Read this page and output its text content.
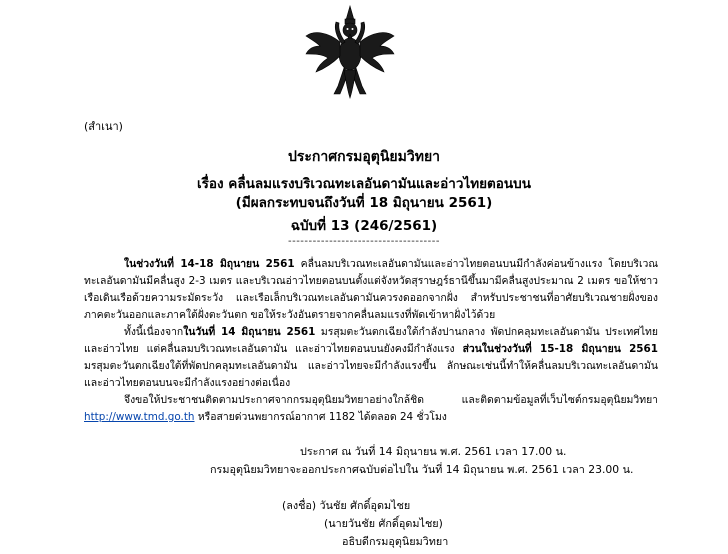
(สำเนา)
ประกาศกรมอุตุนิยมวิทยา
เรื่อง คลื่นลมแรงบริเวณทะเลอันดามันและอ่าวไทยตอนบน
(มีผลกระทบจนถึงวันที่ 18 มิถุนายน 2561)
ฉบับที่ 13 (246/2561)
-------------------------------------

ในช่วงวันที่ 14-18 มิถุนายน 2561 คลื่นลมบริเวณทะเลอันดามันและอ่าวไทยตอนบนมีกำลังค่อนข้างแรง โดยบริเวณทะเลอันดามันมีคลื่นสูง 2-3 เมตร และบริเวณอ่าวไทยตอนบนตั้งแต่จังหวัดสุราษฎร์ธานีขึ้นมามีคลื่นสูงประมาณ 2 เมตร ขอให้ชาวเรือเดินเรือด้วยความระมัดระวัง และเรือเล็กบริเวณทะเลอันดามันควรงดออกจากฝั่ง สำหรับประชาชนที่อาศัยบริเวณชายฝั่งของภาคตะวันออกและภาคใต้ฝั่งตะวันตก ขอให้ระวังอันตรายจากคลื่นลมแรงที่พัดเข้าหาฝั่งไว้ด้วย

ทั้งนี้เนื่องจากในวันที่ 14 มิถุนายน 2561 มรสุมตะวันตกเฉียงใต้กำลังปานกลาง พัดปกคลุมทะเลอันดามัน ประเทศไทย และอ่าวไทย แต่คลื่นลมบริเวณทะเลอันดามัน และอ่าวไทยตอนบนยังคงมีกำลังแรง ส่วนในช่วงวันที่ 15-18 มิถุนายน 2561 มรสุมตะวันตกเฉียงใต้ที่พัดปกคลุมทะเลอันดามัน และอ่าวไทยจะมีกำลังแรงขึ้น ลักษณะเช่นนี้ทำให้คลื่นลมบริเวณทะเลอันดามัน และอ่าวไทยตอนบนจะมีกำลังแรงอย่างต่อเนื่อง

จึงขอให้ประชาชนติดตามประกาศจากกรมอุตุนิยมวิทยาอย่างใกล้ชิด และติดตามข้อมูลที่เว็บไซต์กรมอุตุนิยมวิทยา http://www.tmd.go.th หรือสายด่วนพยากรณ์อากาศ 1182 ได้ตลอด 24 ชั่วโมง

ประกาศ ณ วันที่ 14 มิถุนายน พ.ศ. 2561 เวลา 17.00 น.
กรมอุตุนิยมวิทยาจะออกประกาศฉบับต่อไปใน วันที่ 14 มิถุนายน พ.ศ. 2561 เวลา 23.00 น.
(ลงชื่อ) วันชัย ศักดิ์อุดมไชย
(นายวันชัย ศักดิ์อุดมไชย)
อธิบดีกรมอุตุนิยมวิทยา
